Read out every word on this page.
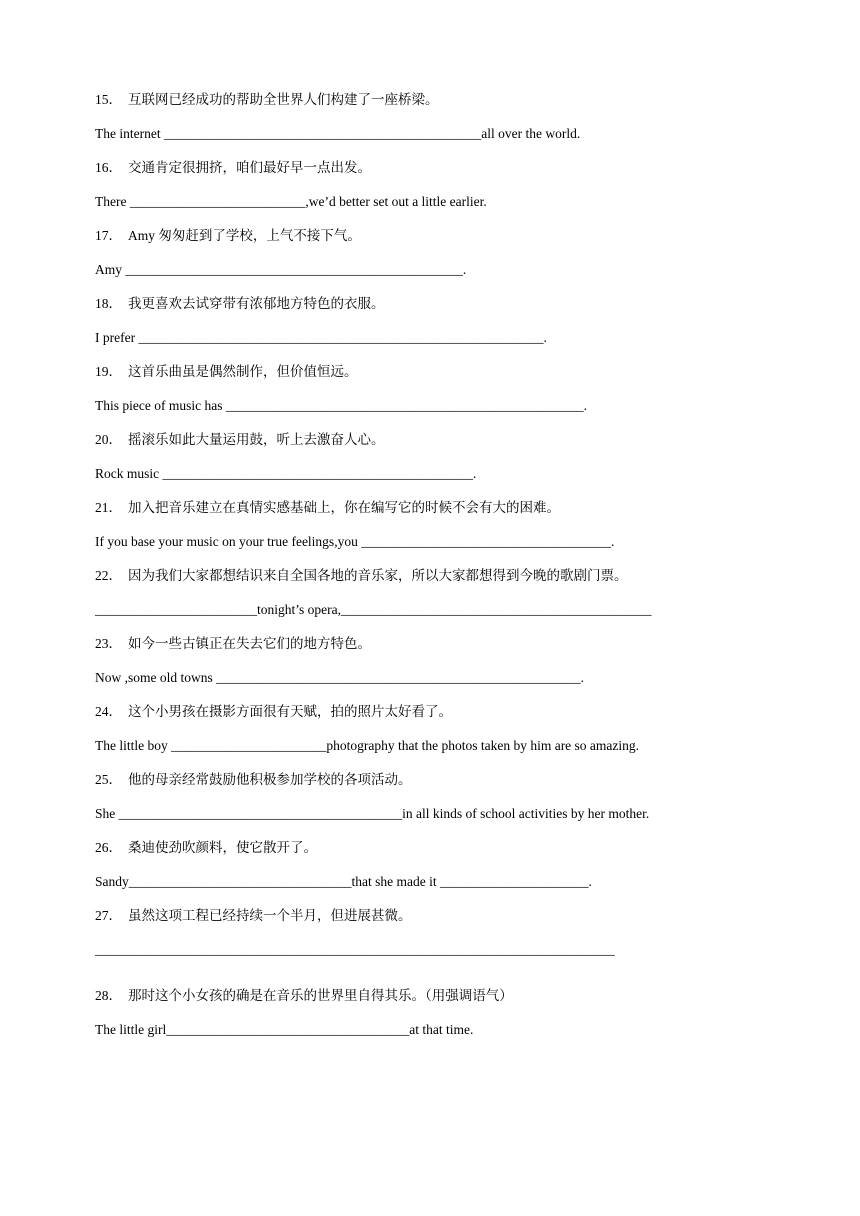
15． 互联网已经成功的帮助全世界人们构建了一座桥梁。
The internet _______________________________________________all over the world.
16． 交通肯定很拥挤，咱们最好早一点出发。
There __________________________,we’d better set out a little earlier.
17． Amy 匆匆赶到了学校，上气不接下气。
Amy __________________________________________________.
18． 我更喜欢去试穿带有浓郁地方特色的衣服。
I prefer ____________________________________________________________.
19． 这首乐曲虽是偶然制作，但价值恒远。
This piece of music has _____________________________________________________.
20． 摇滚乐如此大量运用鼓，听上去激奋人心。
Rock music ______________________________________________.
21． 加入把音乐建立在真情实感基础上，你在编写它的时候不会有大的困难。
If you base your music on your true feelings,you _____________________________________.
22． 因为我们大家都想结识来自全国各地的音乐家，所以大家都想得到今晚的歌剧门票。
________________________tonight’s opera,______________________________________________
23． 如今一些古镇正在失去它们的地方特色。
Now ,some old towns ______________________________________________________.
24． 这个小男孩在摄影方面很有天赋，拍的照片太好看了。
The little boy _______________________photography that the photos taken by him are so amazing.
25． 他的母亲经常鼓励他积极参加学校的各项活动。
She __________________________________________in all kinds of school activities by her mother.
26． 桑迪使劲吹颜料，使它散开了。
Sandy_________________________________that she made it ______________________.
27． 虽然这项工程已经持续一个半月，但进展甚微。
_____________________________________________________________________________
28． 那时这个小女孩的确是在音乐的世界里自得其乐。（用强调语气）
The little girl____________________________________at that time.
